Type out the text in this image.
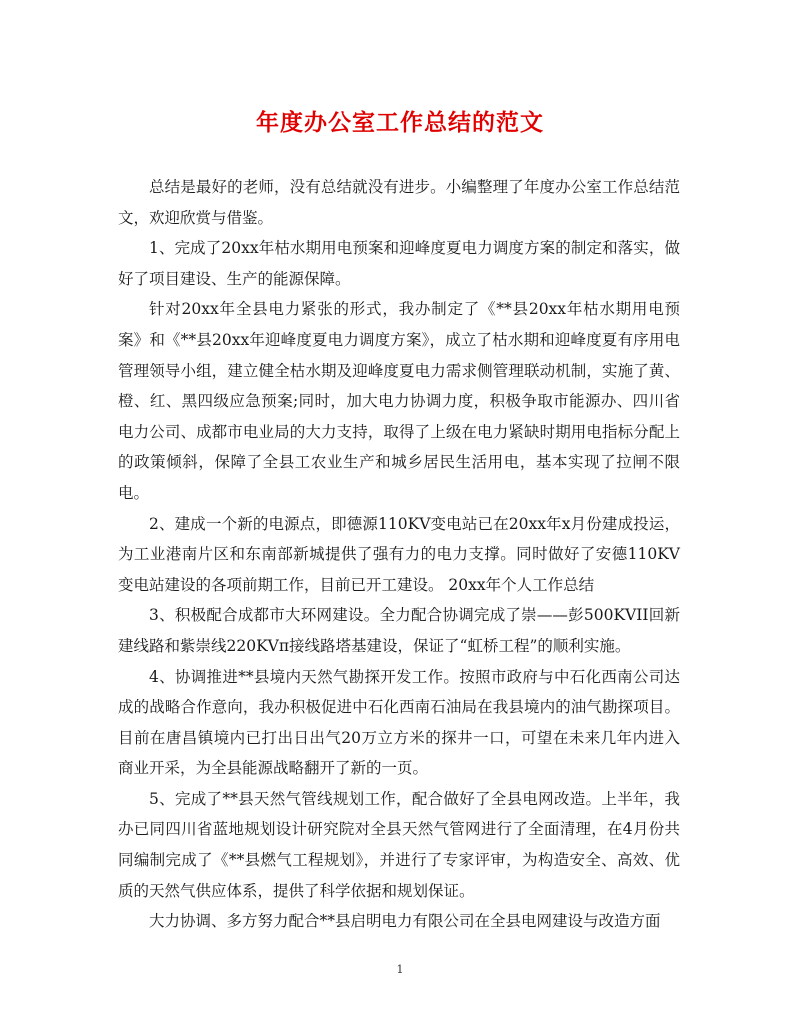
年度办公室工作总结的范文

总结是最好的老师，没有总结就没有进步。小编整理了年度办公室工作总结范文，欢迎欣赏与借鉴。

1、完成了20xx年枯水期用电预案和迎峰度夏电力调度方案的制定和落实，做好了项目建设、生产的能源保障。

针对20xx年全县电力紧张的形式，我办制定了《**县20xx年枯水期用电预案》和《**县20xx年迎峰度夏电力调度方案》，成立了枯水期和迎峰度夏有序用电管理领导小组，建立健全枯水期及迎峰度夏电力需求侧管理联动机制，实施了黄、橙、红、黑四级应急预案;同时，加大电力协调力度，积极争取市能源办、四川省电力公司、成都市电业局的大力支持，取得了上级在电力紧缺时期用电指标分配上的政策倾斜，保障了全县工农业生产和城乡居民生活用电，基本实现了拉闸不限电。

2、建成一个新的电源点，即德源110KV变电站已在20xx年x月份建成投运，为工业港南片区和东南部新城提供了强有力的电力支撑。同时做好了安德110KV变电站建设的各项前期工作，目前已开工建设。 20xx年个人工作总结

3、积极配合成都市大环网建设。全力配合协调完成了崇——彭500KVII回新建线路和紫崇线220KVπ接线路塔基建设，保证了“虹桥工程”的顺利实施。

4、协调推进**县境内天然气勘探开发工作。按照市政府与中石化西南公司达成的战略合作意向，我办积极促进中石化西南石油局在我县境内的油气勘探项目。目前在唐昌镇境内已打出日出气20万立方米的探井一口，可望在未来几年内进入商业开采，为全县能源战略翻开了新的一页。

5、完成了**县天然气管线规划工作，配合做好了全县电网改造。上半年，我办已同四川省蓝地规划设计研究院对全县天然气管网进行了全面清理，在4月份共同编制完成了《**县燃气工程规划》，并进行了专家评审，为构造安全、高效、优质的天然气供应体系，提供了科学依据和规划保证。

大力协调、多方努力配合**县启明电力有限公司在全县电网建设与改造方面

1
